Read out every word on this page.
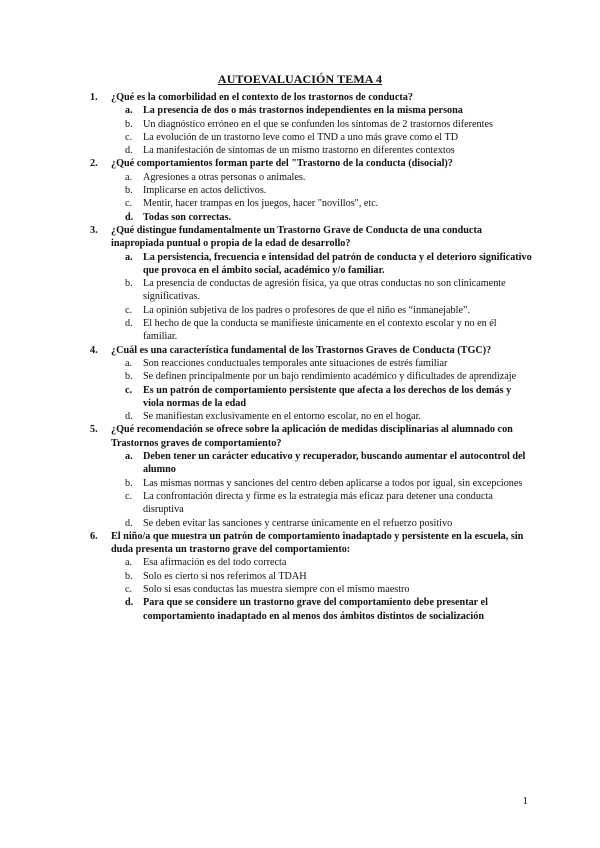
AUTOEVALUACIÓN TEMA 4
1. ¿Qué es la comorbilidad en el contexto de los trastornos de conducta?
a. La presencia de dos o más trastornos independientes en la misma persona
b. Un diagnóstico erróneo en el que se confunden los síntomas de 2 trastornos diferentes
c. La evolución de un trastorno leve como el TND a uno más grave como el TD
d. La manifestación de síntomas de un mismo trastorno en diferentes contextos
2. ¿Qué comportamientos forman parte del "Trastorno de la conducta (disocial)?
a. Agresiones a otras personas o animales.
b. Implicarse en actos delictivos.
c. Mentir, hacer trampas en los juegos, hacer "novillos", etc.
d. Todas son correctas.
3. ¿Qué distingue fundamentalmente un Trastorno Grave de Conducta de una conducta inapropiada puntual o propia de la edad de desarrollo?
a. La persistencia, frecuencia e intensidad del patrón de conducta y el deterioro significativo que provoca en el ámbito social, académico y/o familiar.
b. La presencia de conductas de agresión física, ya que otras conductas no son clínicamente significativas.
c. La opinión subjetiva de los padres o profesores de que el niño es “inmanejable”.
d. El hecho de que la conducta se manifieste únicamente en el contexto escolar y no en él familiar.
4. ¿Cuál es una característica fundamental de los Trastornos Graves de Conducta (TGC)?
a. Son reacciones conductuales temporales ante situaciones de estrés familiar
b. Se definen principalmente por un bajo rendimiento académico y dificultades de aprendizaje
c. Es un patrón de comportamiento persistente que afecta a los derechos de los demás y viola normas de la edad
d. Se manifiestan exclusivamente en el entorno escolar, no en el hogar.
5. ¿Qué recomendación se ofrece sobre la aplicación de medidas disciplinarias al alumnado con Trastornos graves de comportamiento?
a. Deben tener un carácter educativo y recuperador, buscando aumentar el autocontrol del alumno
b. Las mismas normas y sanciones del centro deben aplicarse a todos por igual, sin excepciones
c. La confrontación directa y firme es la estrategia más eficaz para detener una conducta disruptiva
d. Se deben evitar las sanciones y centrarse únicamente en el refuerzo positivo
6. El niño/a que muestra un patrón de comportamiento inadaptado y persistente en la escuela, sin duda presenta un trastorno grave del comportamiento:
a. Esa afirmación es del todo correcta
b. Solo es cierto si nos referimos al TDAH
c. Solo si esas conductas las muestra siempre con el mismo maestro
d. Para que se considere un trastorno grave del comportamiento debe presentar el comportamiento inadaptado en al menos dos ámbitos distintos de socialización
1
